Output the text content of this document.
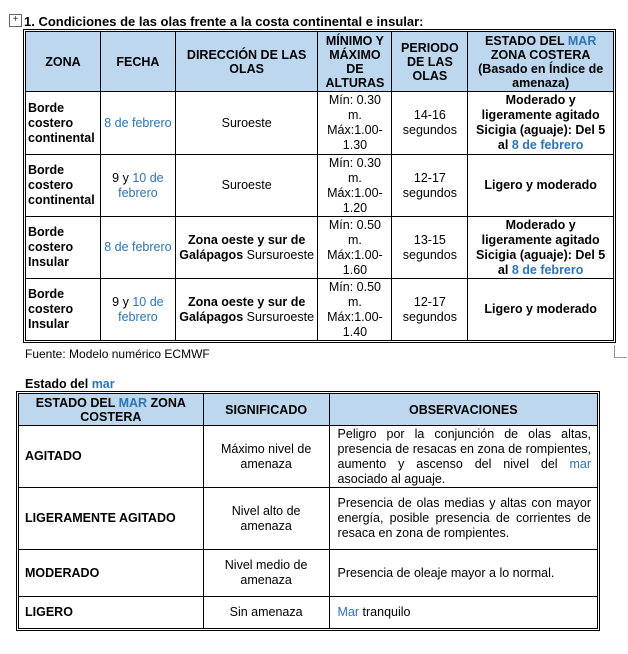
+ 1. Condiciones de las olas frente a la costa continental e insular:
ZONA	FECHA	DIRECCIÓN DE LAS OLAS	MÍNIMO Y MÁXIMO DE ALTURAS	PERIODO DE LAS OLAS	ESTADO DEL MAR ZONA COSTERA
(Basado en Índice de amenaza)
Borde costero continental	8 de febrero	Suroeste	Mín: 0.30 m. Máx:1.00-1.30	14-16 segundos	Moderado y ligeramente agitado Sicigia (aguaje): Del 5 al 8 de febrero
Borde costero continental	9 y 10 de febrero	Suroeste	Mín: 0.30 m. Máx:1.00-1.20	12-17 segundos	Ligero y moderado
Borde costero Insular	8 de febrero	Zona oeste y sur de Galápagos Sursuroeste	Mín: 0.50 m. Máx:1.00-1.60	13-15 segundos	Moderado y ligeramente agitado Sicigia (aguaje): Del 5 al 8 de febrero
Borde costero Insular	9 y 10 de febrero	Zona oeste y sur de Galápagos Sursuroeste	Mín: 0.50 m. Máx:1.00-1.40	12-17 segundos	Ligero y moderado
Fuente: Modelo numérico ECMWF
Estado del mar
ESTADO DEL MAR ZONA COSTERA	SIGNIFICADO	OBSERVACIONES
AGITADO	Máximo nivel de amenaza	Peligro por la conjunción de olas altas, presencia de resacas en zona de rompientes, aumento y ascenso del nivel del mar asociado al aguaje.
LIGERAMENTE AGITADO	Nivel alto de amenaza	Presencia de olas medias y altas con mayor energía, posible presencia de corrientes de resaca en zona de rompientes.
MODERADO	Nivel medio de amenaza	Presencia de oleaje mayor a lo normal.
LIGERO	Sin amenaza	Mar tranquilo
